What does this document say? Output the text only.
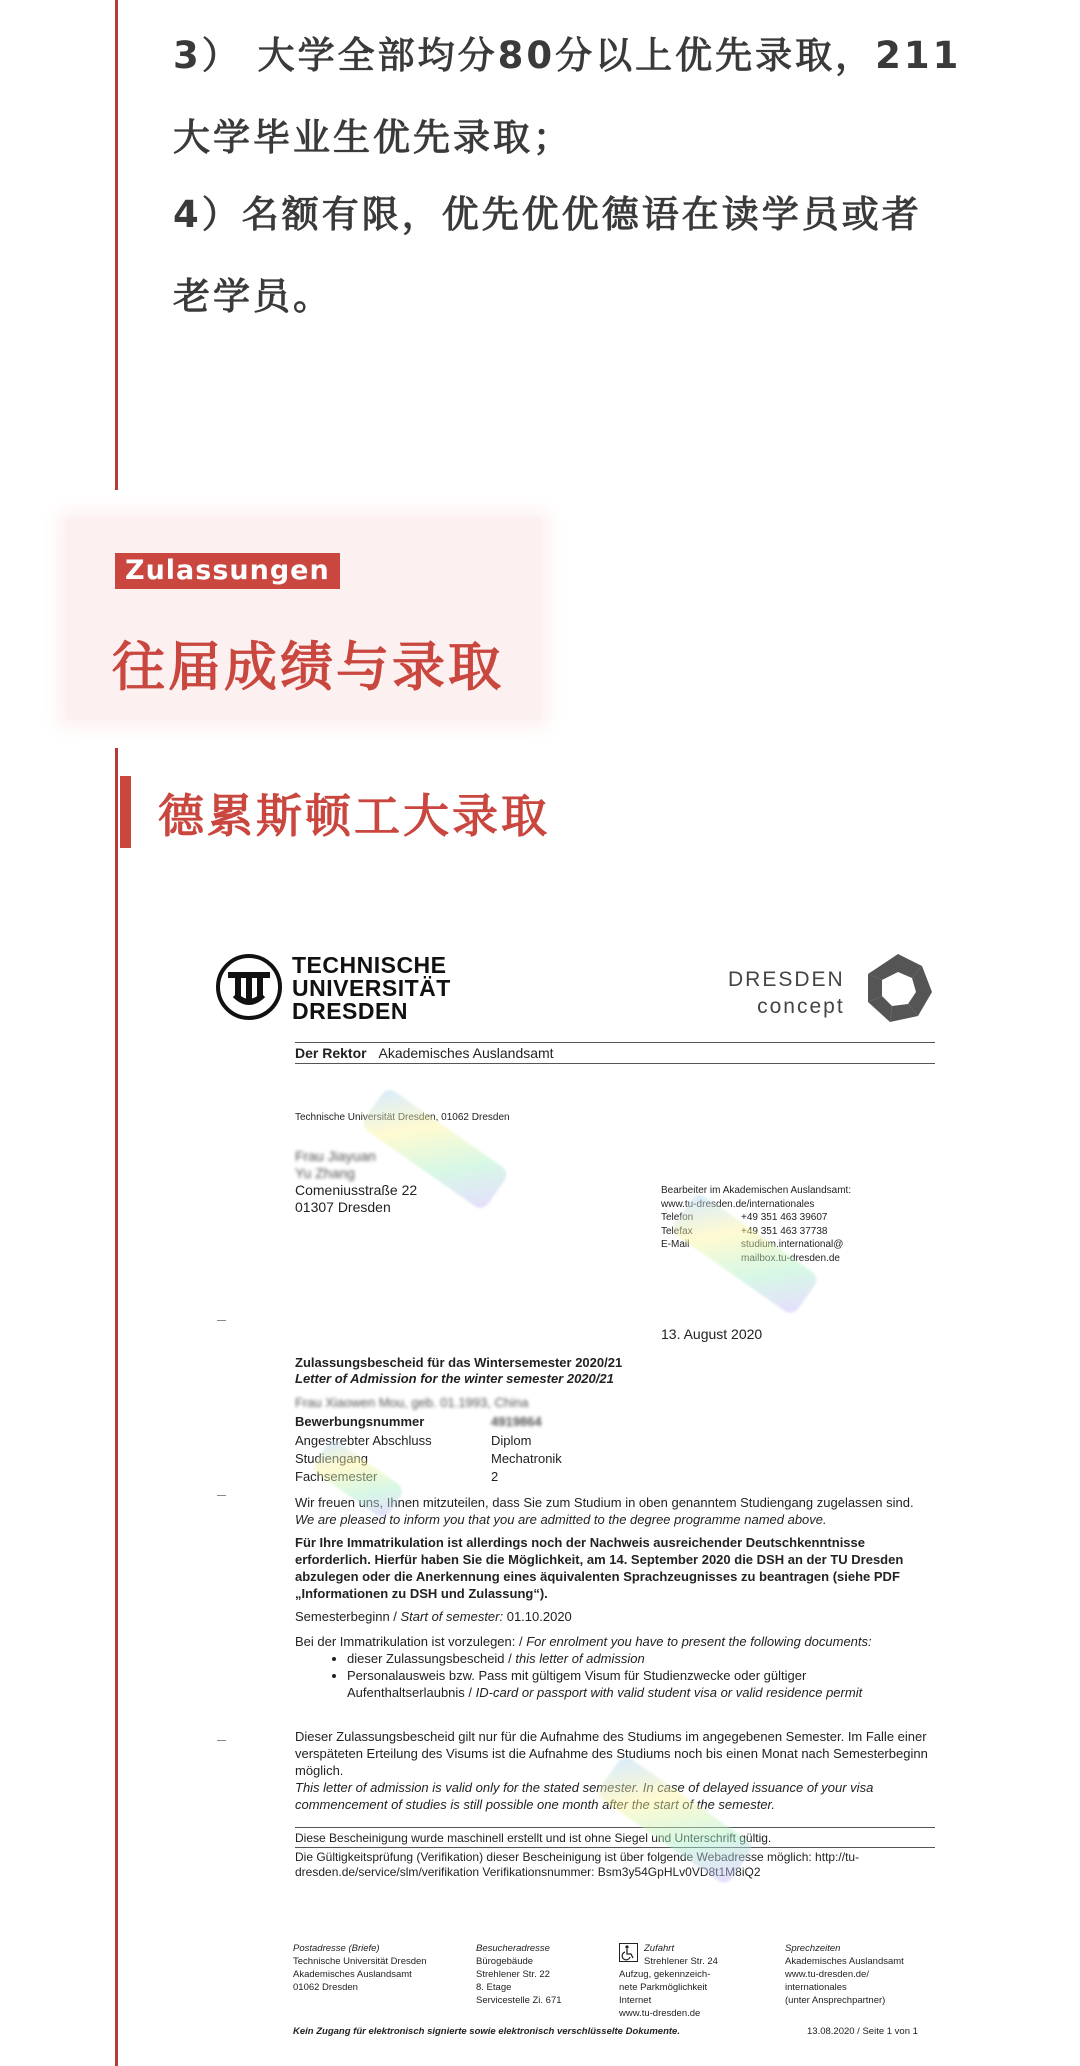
3） 大学全部均分80分以上优先录取，211

大学毕业生优先录取；

4）名额有限，优先优优德语在读学员或者

老学员。

Zulassungen
往届成绩与录取
德累斯顿工大录取
TECHNISCHE
UNIVERSITÄT
DRESDEN
DRESDEN
concept
Der Rektor Akademisches Auslandsamt
Technische Universität Dresden, 01062 Dresden
Frau Jiayuan
Yu Zhang
Comeniusstraße 22
01307 Dresden
Bearbeiter im Akademischen Auslandsamt:
www.tu-dresden.de/internationales
Telefon	+49 351 463 39607
Telefax	+49 351 463 37738
E-Mail	studium.international@
mailbox.tu-dresden.de
13. August 2020
Zulassungsbescheid für das Wintersemester 2020/21
Letter of Admission for the winter semester 2020/21
Frau Xiaowen Mou, geb. 01.1993, China
Bewerbungsnummer	4919864
Angestrebter Abschluss	Diplom
Studiengang	Mechatronik
Fachsemester	2
Wir freuen uns, Ihnen mitzuteilen, dass Sie zum Studium in oben genanntem Studiengang zugelassen sind.
We are pleased to inform you that you are admitted to the degree programme named above.
Für Ihre Immatrikulation ist allerdings noch der Nachweis ausreichender Deutschkenntnisse erforderlich. Hierfür haben Sie die Möglichkeit, am 14. September 2020 die DSH an der TU Dresden abzulegen oder die Anerkennung eines äquivalenten Sprachzeugnisses zu beantragen (siehe PDF „Informationen zu DSH und Zulassung“).
Semesterbeginn / Start of semester: 01.10.2020
Bei der Immatrikulation ist vorzulegen: / For enrolment you have to present the following documents:
• dieser Zulassungsbescheid / this letter of admission
• Personalausweis bzw. Pass mit gültigem Visum für Studienzwecke oder gültiger Aufenthaltserlaubnis / ID-card or passport with valid student visa or valid residence permit
Dieser Zulassungsbescheid gilt nur für die Aufnahme des Studiums im angegebenen Semester. Im Falle einer verspäteten Erteilung des Visums ist die Aufnahme des Studiums noch bis einen Monat nach Semesterbeginn möglich.
This letter of admission is valid only for the stated semester. In case of delayed issuance of your visa commencement of studies is still possible one month after the start of the semester.
Diese Bescheinigung wurde maschinell erstellt und ist ohne Siegel und Unterschrift gültig.
Die Gültigkeitsprüfung (Verifikation) dieser Bescheinigung ist über folgende Webadresse möglich: http://tu-dresden.de/service/slm/verifikation Verifikationsnummer: Bsm3y54GpHLv0VD8t1M8iQ2
Postadresse (Briefe)
Technische Universität Dresden
Akademisches Auslandsamt
01062 Dresden
Besucheradresse
Bürogebäude
Strehlener Str. 22
8. Etage
Servicestelle Zi. 671
Zufahrt
Strehlener Str. 24
Aufzug, gekennzeich-
nete Parkmöglichkeit
Internet
www.tu-dresden.de
Sprechzeiten
Akademisches Auslandsamt
www.tu-dresden.de/
internationales
(unter Ansprechpartner)
Kein Zugang für elektronisch signierte sowie elektronisch verschlüsselte Dokumente.	13.08.2020 / Seite 1 von 1
